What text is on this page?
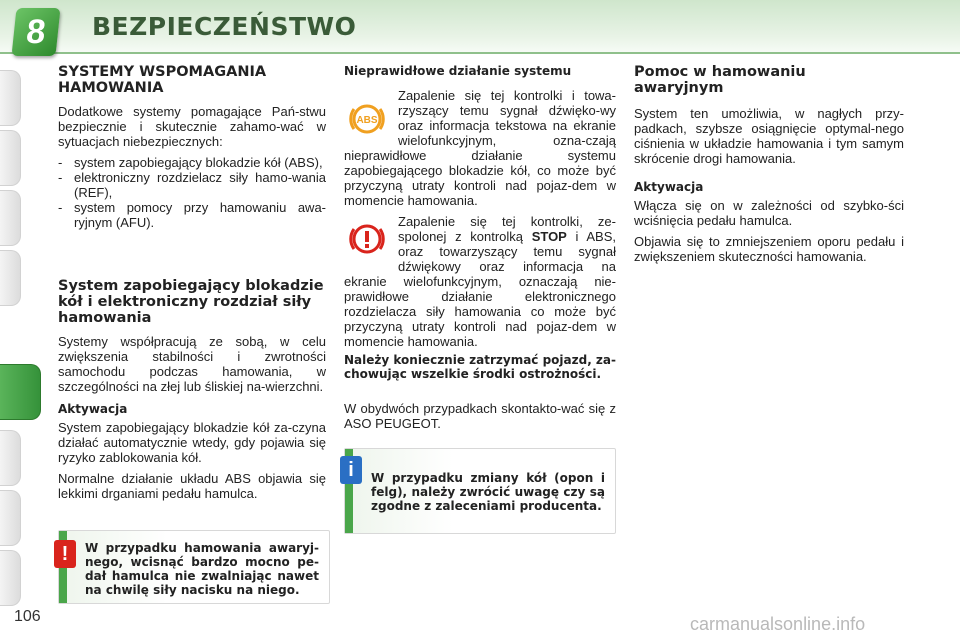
8	BEZPIECZEŃSTWO
SYSTEMY WSPOMAGANIA HAMOWANIA

Dodatkowe systemy pomagające Pań-stwu bezpiecznie i skutecznie zahamo-wać w sytuacjach niebezpiecznych:

- system zapobiegający blokadzie kół (ABS),
- elektroniczny rozdzielacz siły hamo-wania (REF),
- system pomocy przy hamowaniu awa-ryjnym (AFU).
System zapobiegający blokadzie kół i elektroniczny rozdział siły hamowania

Systemy współpracują ze sobą, w celu zwiększenia stabilności i zwrotności samochodu podczas hamowania, w szczególności na złej lub śliskiej na-wierzchni.

Aktywacja

System zapobiegający blokadzie kół za-czyna działać automatycznie wtedy, gdy pojawia się ryzyko zablokowania kół.

Normalne działanie układu ABS objawia się lekkimi drganiami pedału hamulca.

W przypadku hamowania awaryj-nego, wcisnąć bardzo mocno pe-dał hamulca nie zwalniając nawet na chwilę siły nacisku na niego.
!
Nieprawidłowe działanie systemu
ABS

Zapalenie się tej kontrolki i towa-rzyszący temu sygnał dźwięko-wy oraz informacja tekstowa na ekranie wielofunkcyjnym, ozna-czają nieprawidłowe działanie systemu zapobiegającego blokadzie kół, co może być przyczyną utraty kontroli nad pojaz-dem w momencie hamowania.

Zapalenie się tej kontrolki, ze-spolonej z kontrolką STOP i ABS, oraz towarzyszący temu sygnał dźwiękowy oraz informacja na ekranie wielofunkcyjnym, oznaczają nie-prawidłowe działanie elektronicznego rozdzielacza siły hamowania co może być przyczyną utraty kontroli nad pojaz-dem w momencie hamowania.

Należy koniecznie zatrzymać pojazd, za-chowując wszelkie środki ostrożności.

W obydwóch przypadkach skontakto-wać się z ASO PEUGEOT.

W przypadku zmiany kół (opon i felg), należy zwrócić uwagę czy są zgodne z zaleceniami producenta.
i
Pomoc w hamowaniu awaryjnym

System ten umożliwia, w nagłych przy-padkach, szybsze osiągnięcie optymal-nego ciśnienia w układzie hamowania i tym samym skrócenie drogi hamowania.

Aktywacja

Włącza się on w zależności od szybko-ści wciśnięcia pedału hamulca.

Objawia się to zmniejszeniem oporu pedału i zwiększeniem skuteczności hamowania.

106	carmanualsonline.info
